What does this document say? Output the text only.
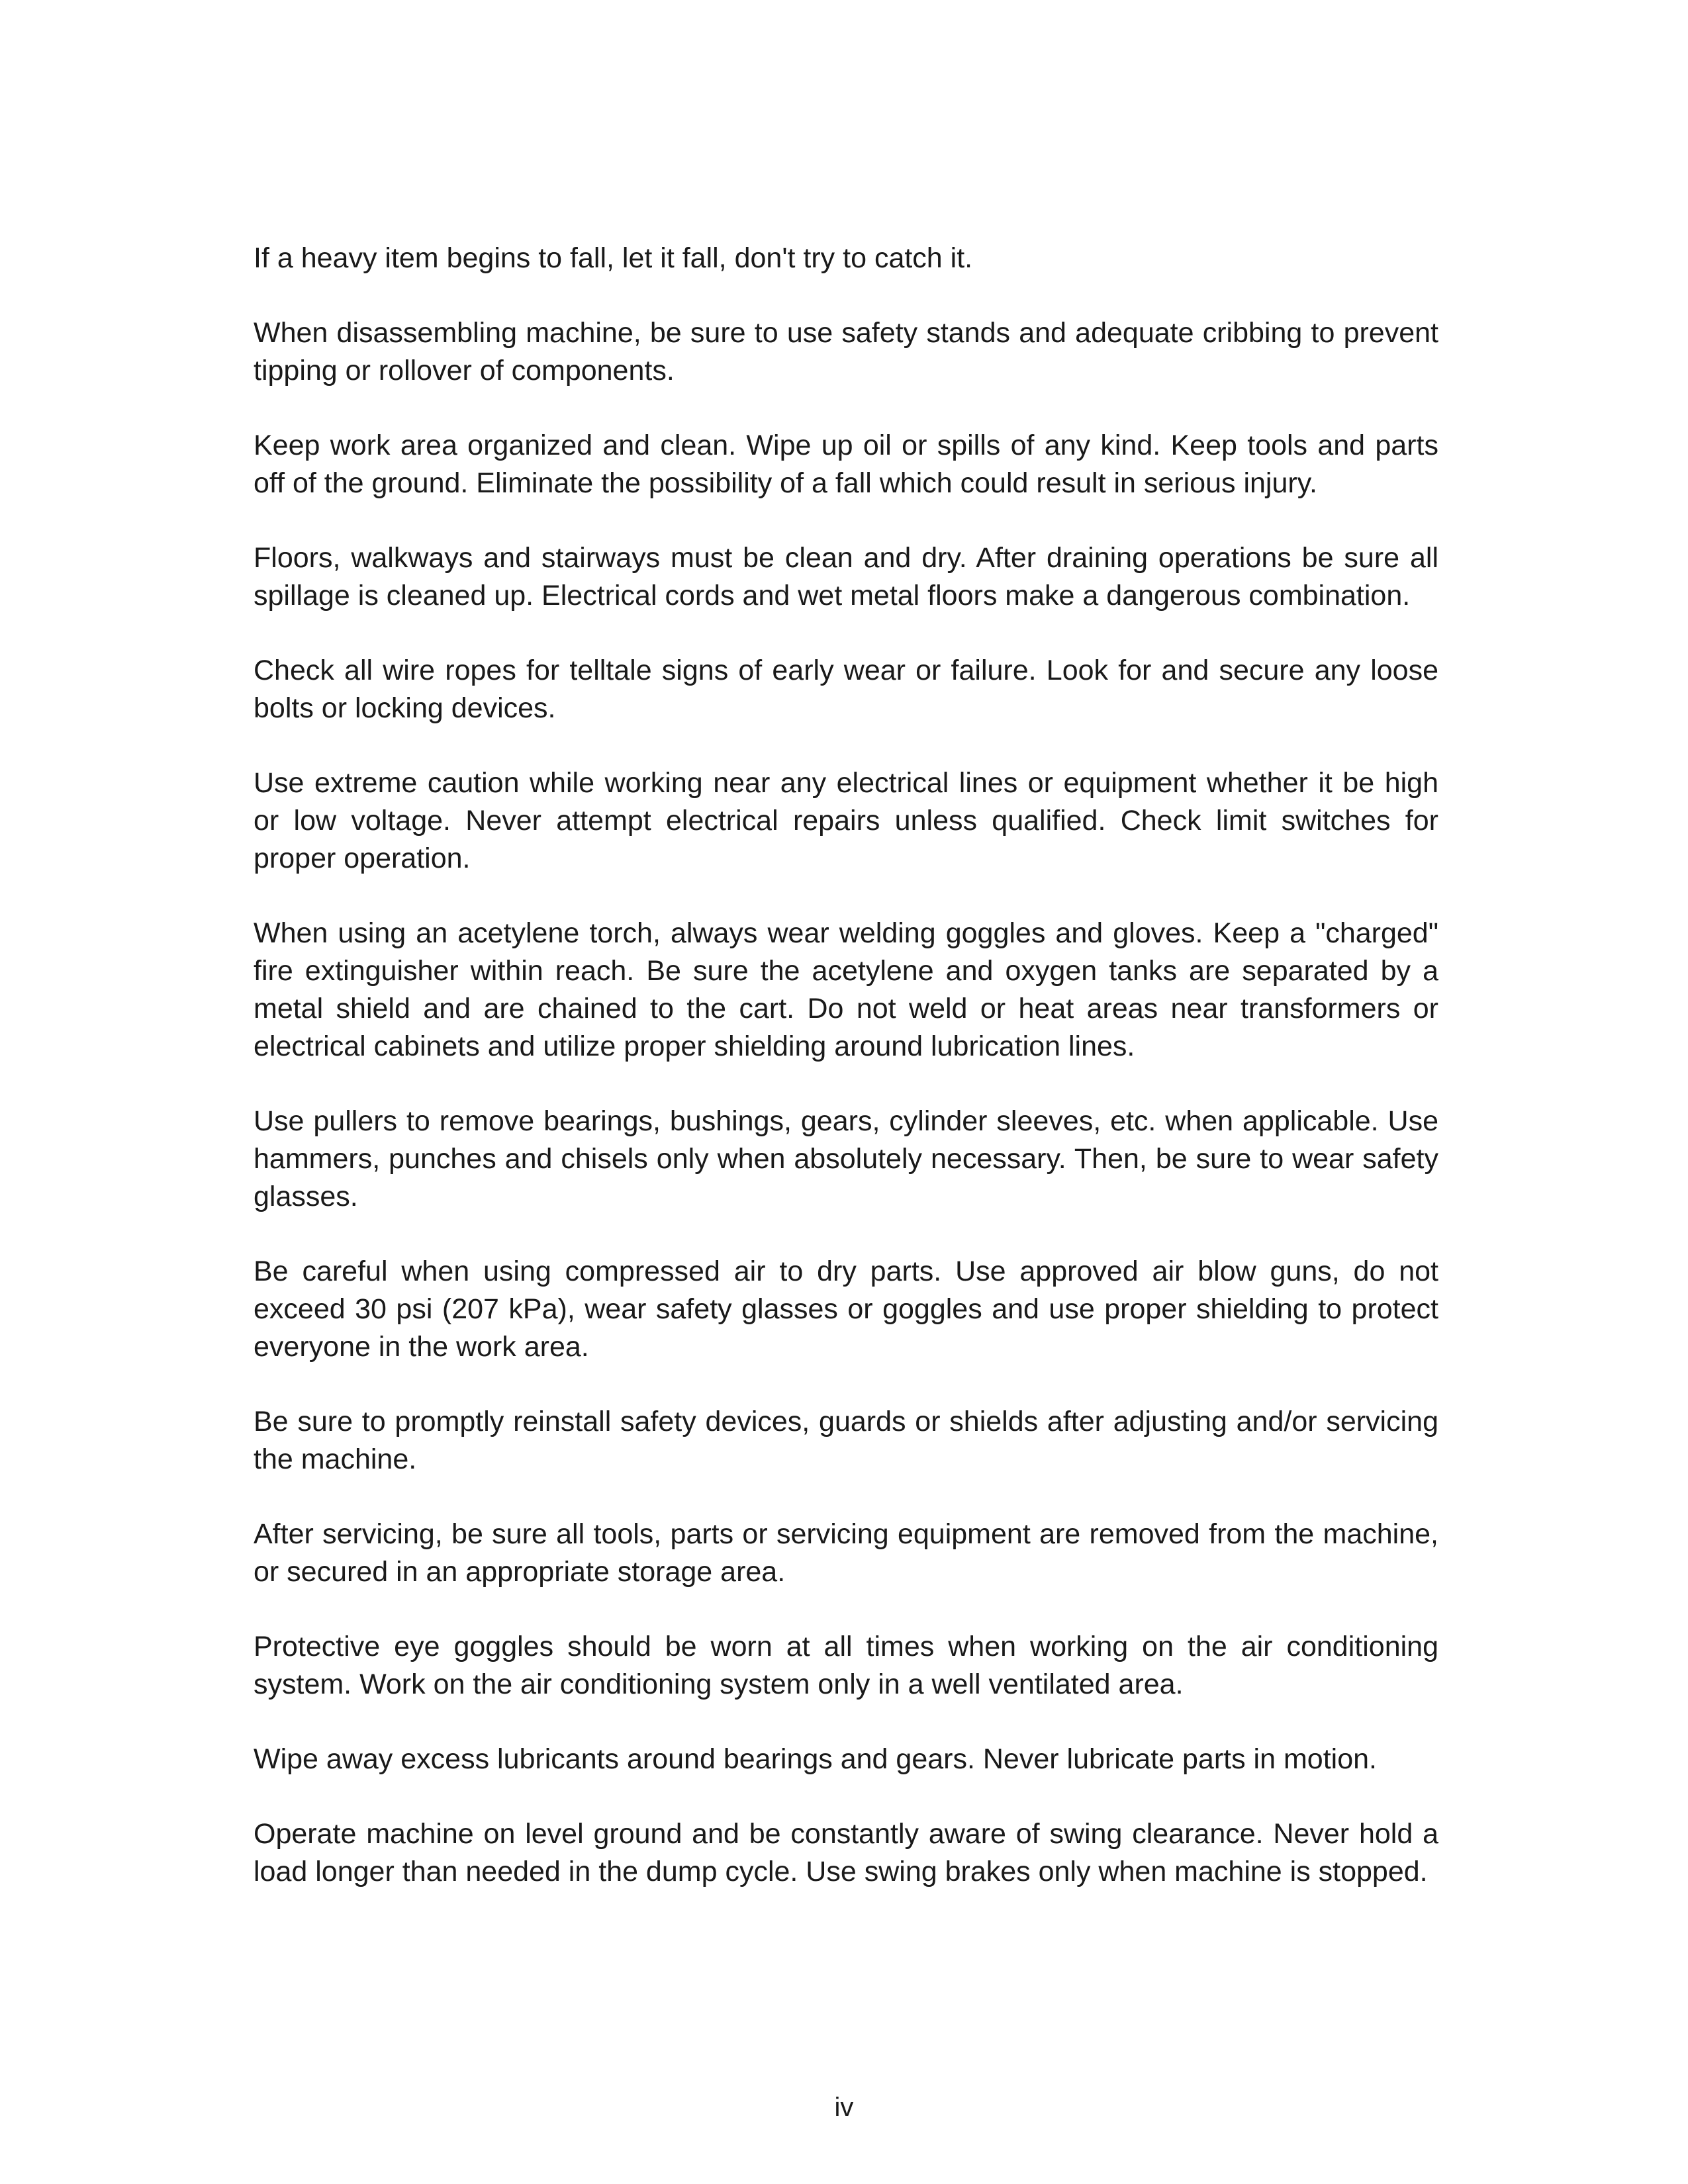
If a heavy item begins to fall, let it fall, don't try to catch it.

When disassembling machine, be sure to use safety stands and adequate cribbing to prevent tipping or rollover of components.

Keep work area organized and clean. Wipe up oil or spills of any kind. Keep tools and parts off of the ground. Eliminate the possibility of a fall which could result in serious injury.

Floors, walkways and stairways must be clean and dry. After draining operations be sure all spillage is cleaned up. Electrical cords and wet metal floors make a dangerous combination.

Check all wire ropes for telltale signs of early wear or failure. Look for and secure any loose bolts or locking devices.

Use extreme caution while working near any electrical lines or equipment whether it be high or low voltage. Never attempt electrical repairs unless qualified. Check limit switches for proper operation.

When using an acetylene torch, always wear welding goggles and gloves. Keep a "charged" fire extinguisher within reach. Be sure the acetylene and oxygen tanks are separated by a metal shield and are chained to the cart. Do not weld or heat areas near transformers or electrical cabinets and utilize proper shielding around lubrication lines.

Use pullers to remove bearings, bushings, gears, cylinder sleeves, etc. when applicable. Use hammers, punches and chisels only when absolutely necessary. Then, be sure to wear safety glasses.

Be careful when using compressed air to dry parts. Use approved air blow guns, do not exceed 30 psi (207 kPa), wear safety glasses or goggles and use proper shielding to protect everyone in the work area.

Be sure to promptly reinstall safety devices, guards or shields after adjusting and/or servicing the machine.

After servicing, be sure all tools, parts or servicing equipment are removed from the machine, or secured in an appropriate storage area.

Protective eye goggles should be worn at all times when working on the air conditioning system. Work on the air conditioning system only in a well ventilated area.

Wipe away excess lubricants around bearings and gears. Never lubricate parts in motion.

Operate machine on level ground and be constantly aware of swing clearance. Never hold a load longer than needed in the dump cycle. Use swing brakes only when machine is stopped.

iv
